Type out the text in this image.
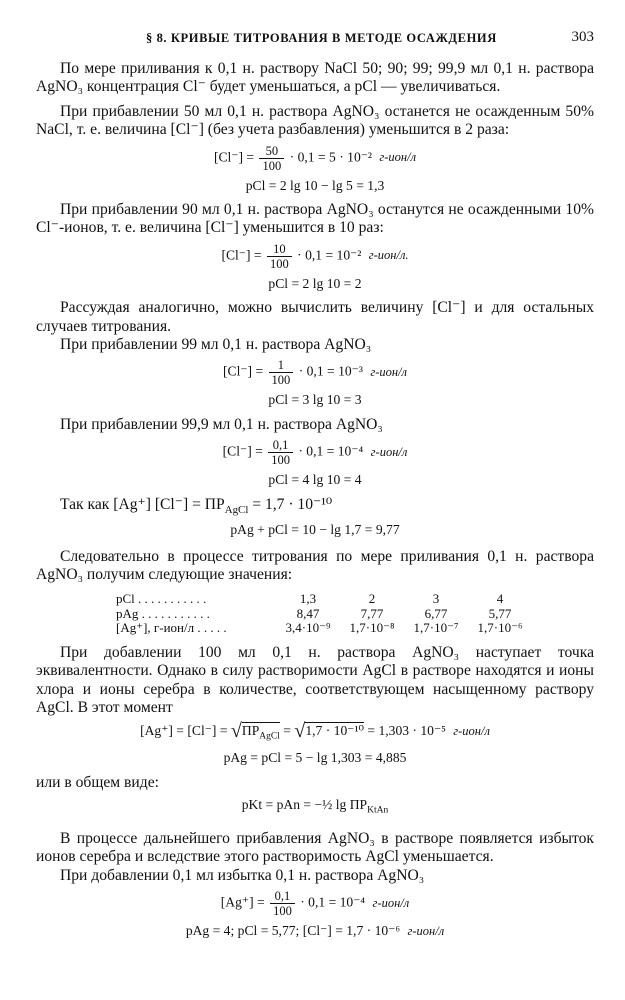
§ 8. КРИВЫЕ ТИТРОВАНИЯ В МЕТОДЕ ОСАЖДЕНИЯ	303

По мере приливания к 0,1 н. раствору NaCl 50; 90; 99; 99,9 мл 0,1 н. раствора AgNO₃ концентрация Cl⁻ будет уменьшаться, а pCl — увеличиваться.

При прибавлении 50 мл 0,1 н. раствора AgNO₃ останется не осажденным 50% NaCl, т. е. величина [Cl⁻] (без учета разбавления) уменьшится в 2 раза:

$[Cl^-] = \frac{50}{100} \cdot 0,1 = 5 \cdot 10^{-2}$ г-ион/л
pCl = 2 lg 10 − lg 5 = 1,3

При прибавлении 90 мл 0,1 н. раствора AgNO₃ останутся не осажденными 10% Cl⁻-ионов, т. е. величина [Cl⁻] уменьшится в 10 раз:

$[Cl^-] = \frac{10}{100} \cdot 0,1 = 10^{-2}$ г-ион/л.
pCl = 2 lg 10 = 2

Рассуждая аналогично, можно вычислить величину [Cl⁻] и для остальных случаев титрования.

При прибавлении 99 мл 0,1 н. раствора AgNO₃

$[Cl^-] = \frac{1}{100} \cdot 0,1 = 10^{-3}$ г-ион/л
pCl = 3 lg 10 = 3

При прибавлении 99,9 мл 0,1 н. раствора AgNO₃

$[Cl^-] = \frac{0,1}{100} \cdot 0,1 = 10^{-4}$ г-ион/л
pCl = 4 lg 10 = 4

Так как [Ag⁺] $[Cl^-] = ПР_{AgCl} = 1,7 \cdot 10^{-10}$

pAg + pCl = 10 − lg 1,7 = 9,77

Следовательно в процессе титрования по мере приливания 0,1 н. раствора AgNO₃ получим следующие значения:

pCl . . . . . . . . . . .	1,3	2	3	4
pAg . . . . . . . . . . .	8,47	7,77	6,77	5,77
[Ag⁺], г-ион/л . . . . .	3,4·10⁻⁹	1,7·10⁻⁸	1,7·10⁻⁷	1,7·10⁻⁶

При добавлении 100 мл 0,1 н. раствора AgNO₃ наступает точка эквивалентности. Однако в силу растворимости AgCl в растворе находятся и ионы хлора и ионы серебра в количестве, соответствующем насыщенному раствору AgCl. В этот момент

$[Ag^+] = [Cl^-] = √ПР_{AgCl} = √1,7 \cdot 10^{-10} = 1,303 \cdot 10^{-5}$ г-ион/л
pAg = pCl = 5 − lg 1,303 = 4,885

или в общем виде:

pKt = pAn = −½ $\lg ПР_{KtAn}$

В процессе дальнейшего прибавления AgNO₃ в растворе появляется избыток ионов серебра и вследствие этого растворимость AgCl уменьшается.

При добавлении 0,1 мл избытка 0,1 н. раствора AgNO₃

$[Ag^+] = \frac{0,1}{100} \cdot 0,1 = 10^{-4}$ г-ион/л
pAg = 4; pCl = 5,77; [Cl⁻] = 1,7 · 10⁻⁶ г-ион/л
